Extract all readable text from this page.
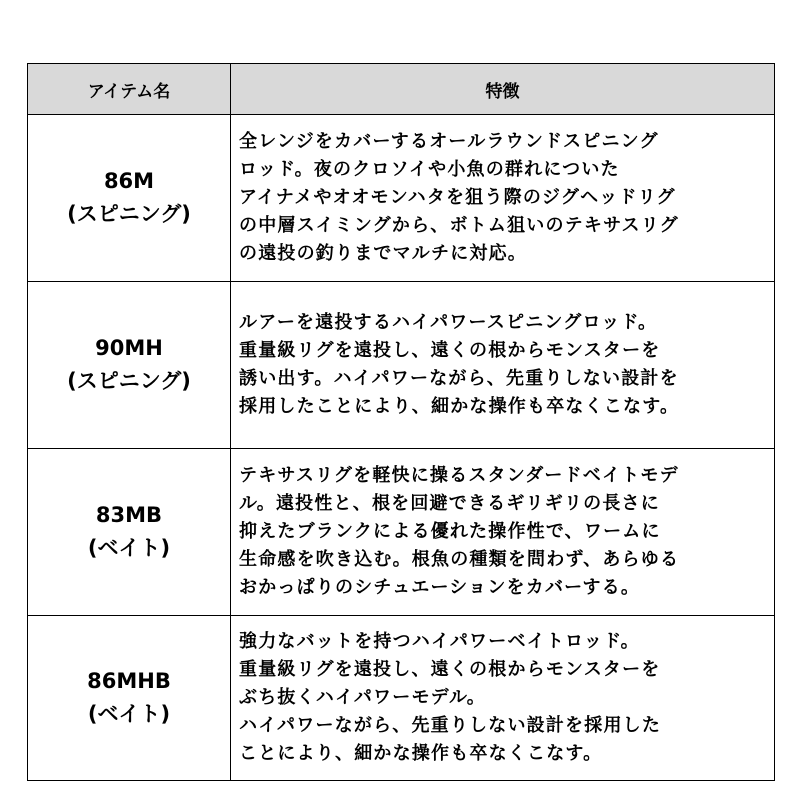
アイテム名	特徴

86M
(スピニング)	全レンジをカバーするオールラウンドスピニング
ロッド。夜のクロソイや小魚の群れについた
アイナメやオオモンハタを狙う際のジグヘッドリグ
の中層スイミングから、ボトム狙いのテキサスリグ
の遠投の釣りまでマルチに対応。

90MH
(スピニング)	ルアーを遠投するハイパワースピニングロッド。
重量級リグを遠投し、遠くの根からモンスターを
誘い出す。ハイパワーながら、先重りしない設計を
採用したことにより、細かな操作も卒なくこなす。

83MB
(ベイト)	テキサスリグを軽快に操るスタンダードベイトモデ
ル。遠投性と、根を回避できるギリギリの長さに
抑えたブランクによる優れた操作性で、ワームに
生命感を吹き込む。根魚の種類を問わず、あらゆる
おかっぱりのシチュエーションをカバーする。

86MHB
(ベイト)	強力なバットを持つハイパワーベイトロッド。
重量級リグを遠投し、遠くの根からモンスターを
ぶち抜くハイパワーモデル。
ハイパワーながら、先重りしない設計を採用した
ことにより、細かな操作も卒なくこなす。
